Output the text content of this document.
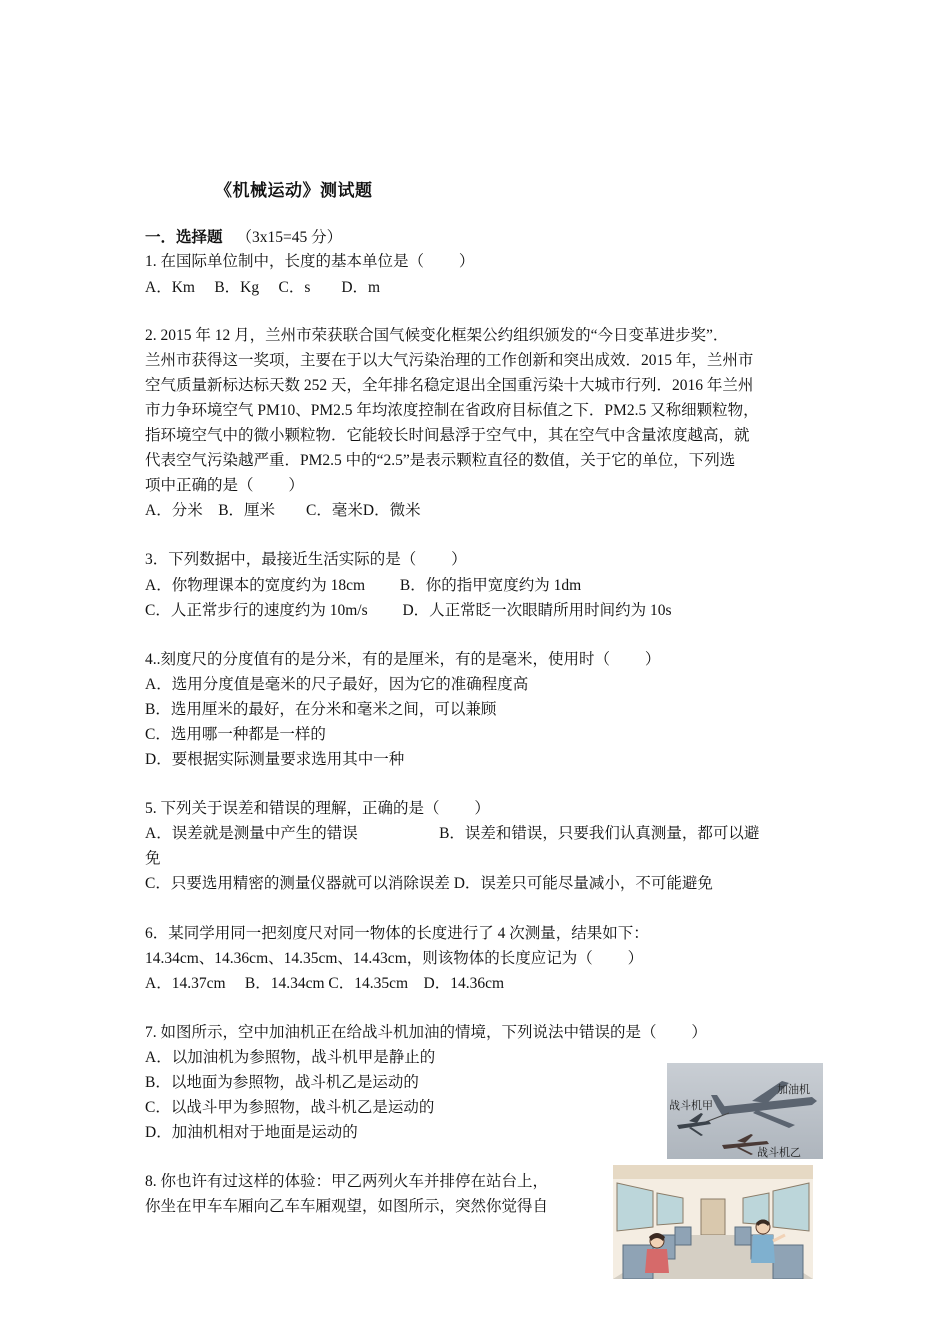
《机械运动》测试题
一．选择题 （3x15=45 分）
1. 在国际单位制中，长度的基本单位是（　　 ）
A．Km　 B．Kg　 C．s　　D．m
2. 2015 年 12 月，兰州市荣获联合国气候变化框架公约组织颁发的“今日变革进步奖”．
兰州市获得这一奖项，主要在于以大气污染治理的工作创新和突出成效．2015 年，兰州市
空气质量新标达标天数 252 天，全年排名稳定退出全国重污染十大城市行列．2016 年兰州
市力争环境空气 PM10、PM2.5 年均浓度控制在省政府目标值之下．PM2.5 又称细颗粒物，
指环境空气中的微小颗粒物．它能较长时间悬浮于空气中，其在空气中含量浓度越高，就
代表空气污染越严重．PM2.5 中的“2.5”是表示颗粒直径的数值，关于它的单位，下列选
项中正确的是（　　 ）
A．分米　B．厘米　　C．毫米D．微米
3．下列数据中，最接近生活实际的是（　　 ）
A．你物理课本的宽度约为 18cm　　 B．你的指甲宽度约为 1dm
C．人正常步行的速度约为 10m/s　　 D．人正常眨一次眼睛所用时间约为 10s
4..刻度尺的分度值有的是分米，有的是厘米，有的是毫米，使用时（　　 ）
A．选用分度值是毫米的尺子最好，因为它的准确程度高
B．选用厘米的最好，在分米和毫米之间，可以兼顾
C．选用哪一种都是一样的
D．要根据实际测量要求选用其中一种
5. 下列关于误差和错误的理解，正确的是（　　 ）
A．误差就是测量中产生的错误　　　　　 B．误差和错误，只要我们认真测量，都可以避
免
C．只要选用精密的测量仪器就可以消除误差 D．误差只可能尽量减小，不可能避免
6．某同学用同一把刻度尺对同一物体的长度进行了 4 次测量，结果如下：
14.34cm、14.36cm、14.35cm、14.43cm，则该物体的长度应记为（　　 ）
A．14.37cm　 B．14.34cm C．14.35cm　D．14.36cm
7. 如图所示，空中加油机正在给战斗机加油的情境，下列说法中错误的是（　　 ）
A．以加油机为参照物，战斗机甲是静止的
B．以地面为参照物，战斗机乙是运动的
C．以战斗甲为参照物，战斗机乙是运动的
D．加油机相对于地面是运动的
8. 你也许有过这样的体验：甲乙两列火车并排停在站台上，
你坐在甲车车厢向乙车车厢观望，如图所示，突然你觉得自
加油机
战斗机甲
战斗机乙
